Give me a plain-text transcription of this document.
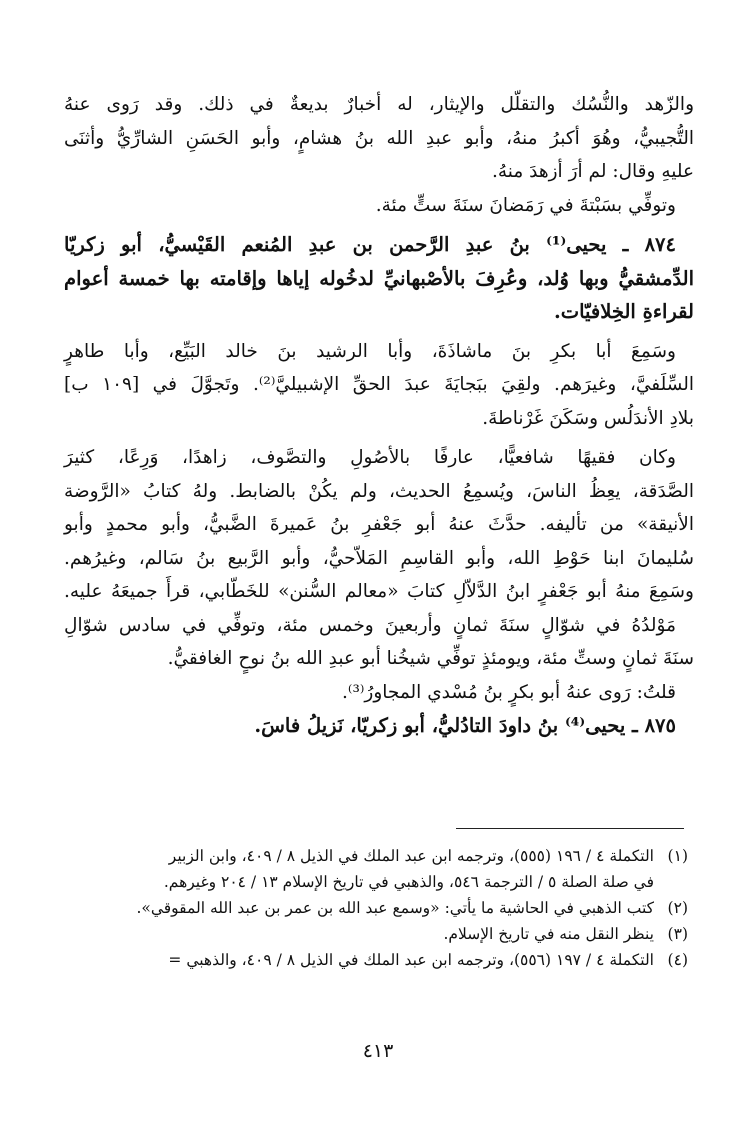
والزّهد والنُّسُك والتقلّل والإيثار، له أخبارٌ بديعةٌ في ذلك. وقد رَوى عنهُ
التُّجيبيُّ، وهُوَ أكبرُ منهُ، وأبو عبدِ الله بنُ هشامٍ، وأبو الحَسَنِ الشارِّيُّ وأثنَى
عليهِ وقال: لم أرَ أزهدَ منهُ.
وتوفِّي بسَبْتةَ في رَمَضانَ سنَةَ ستٍّ مئة.
٨٧٤ ـ يحيى⁽¹⁾ بنُ عبدِ الرَّحمن بن عبدِ المُنعم القَيْسيُّ، أبو زكريّا
الدِّمشقيُّ وبها وُلد، وعُرِفَ بالأصْبهانيِّ لدخُوله إياها وإقامته بها خمسة أعوام
لقراءةِ الخِلافيّات.
وسَمِعَ أبا بكرِ بنَ ماشاذَةَ، وأبا الرشيد بنَ خالد البَيِّع، وأبا طاهرٍ
السِّلَفيَّ، وغيرَهم. ولقِيَ ببَجايَةَ عبدَ الحقِّ الإشبيليَّ⁽²⁾. وتَجوَّلَ في [١٠٩ ب]
بلادِ الأندَلُس وسَكَنَ غَرْناطةَ.
وكان فقيهًا شافعيًّا، عارفًا بالأصُولِ والتصَّوف، زاهدًا، وَرِعًا، كثيرَ
الصَّدَقة، يعِظُ الناسَ، ويُسمِعُ الحديث، ولم يكُنْ بالضابط. ولهُ كتابُ «الرَّوضة
الأنيقة» من تأليفه. حدَّثَ عنهُ أبو جَعْفرِ بنُ عَميرةَ الضَّبيُّ، وأبو محمدٍ وأبو
سُليمانَ ابنا حَوْطِ الله، وأبو القاسِمِ المَلاّحيُّ، وأبو الرَّبيع بنُ سَالم، وغيرُهم.
وسَمِعَ منهُ أبو جَعْفرٍ ابنُ الدَّلاّلِ كتابَ «معالم السُّنن» للخَطّابي، قرأَ جميعَهُ عليه.
مَوْلدُهُ في شوّالٍ سنَةَ ثمانٍ وأربعينَ وخمس مئة، وتوفِّي في سادس شوّالِ
سنَةَ ثمانٍ وستِّ مئة، ويومئذٍ توفِّي شيخُنا أبو عبدِ الله بنُ نوحٍ الغافقيُّ.
قلتُ: رَوى عنهُ أبو بكرٍ بنُ مُسْدي المجاورُ⁽³⁾.
٨٧٥ ـ يحيى⁽⁴⁾ بنُ داودَ التادُليُّ، أبو زكريّا، نَزيلُ فاسَ.
(١)
التكملة ٤ / ١٩٦ (٥٥٥)، وترجمه ابن عبد الملك في الذيل ٨ / ٤٠٩، وابن الزبير
في صلة الصلة ٥ / الترجمة ٥٤٦، والذهبي في تاريخ الإسلام ١٣ / ٢٠٤ وغيرهم.
(٢)
كتب الذهبي في الحاشية ما يأتي: «وسمع عبد الله بن عمر بن عبد الله المقوقي».
(٣)
ينظر النقل منه في تاريخ الإسلام.
(٤)
التكملة ٤ / ١٩٧ (٥٥٦)، وترجمه ابن عبد الملك في الذيل ٨ / ٤٠٩، والذهبي =
٤١٣
